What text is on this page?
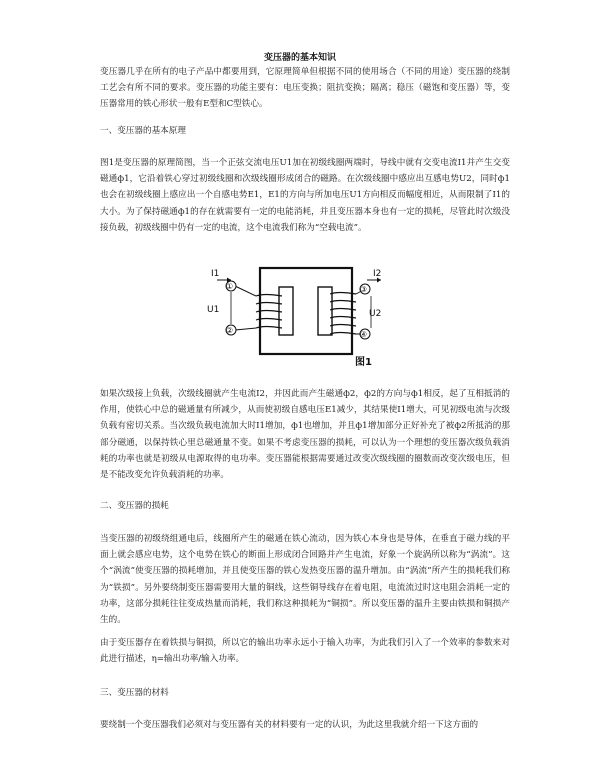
变压器的基本知识

变压器几乎在所有的电子产品中都要用到，它原理简单但根据不同的使用场合（不同的用途）变压器的绕制工艺会有所不同的要求。变压器的功能主要有：电压变换；阻抗变换；隔离；稳压（磁饱和变压器）等，变压器常用的铁心形状一般有E型和C型铁心。

一、变压器的基本原理

图1是变压器的原理简图，当一个正弦交流电压U1加在初级线圈两端时，导线中就有交变电流I1并产生交变磁通ф1，它沿着铁心穿过初级线圈和次级线圈形成闭合的磁路。在次级线圈中感应出互感电势U2，同时ф1也会在初级线圈上感应出一个自感电势E1，E1的方向与所加电压U1方向相反而幅度相近，从而限制了I1的大小。为了保持磁通ф1的存在就需要有一定的电能消耗，并且变压器本身也有一定的损耗，尽管此时次级没接负载，初级线圈中仍有一定的电流，这个电流我们称为“空载电流”。

I1	I2
U1	U2
①
②
③
④
图1

如果次级接上负载，次级线圈就产生电流I2，并因此而产生磁通ф2，ф2的方向与ф1相反，起了互相抵消的作用，使铁心中总的磁通量有所减少，从而使初级自感电压E1减少，其结果使I1增大，可见初级电流与次级负载有密切关系。当次级负载电流加大时I1增加，ф1也增加，并且ф1增加部分正好补充了被ф2所抵消的那部分磁通，以保持铁心里总磁通量不变。如果不考虑变压器的损耗，可以认为一个理想的变压器次级负载消耗的功率也就是初级从电源取得的电功率。变压器能根据需要通过改变次级线圈的圈数而改变次级电压，但是不能改变允许负载消耗的功率。

二、变压器的损耗

当变压器的初级绕组通电后，线圈所产生的磁通在铁心流动，因为铁心本身也是导体，在垂直于磁力线的平面上就会感应电势，这个电势在铁心的断面上形成闭合回路并产生电流，好象一个旋涡所以称为“涡流”。这个“涡流”使变压器的损耗增加，并且使变压器的铁心发热变压器的温升增加。由“涡流”所产生的损耗我们称为“铁损”。另外要绕制变压器需要用大量的铜线，这些铜导线存在着电阻，电流流过时这电阻会消耗一定的功率，这部分损耗往往变成热量而消耗，我们称这种损耗为“铜损”。所以变压器的温升主要由铁损和铜损产生的。

由于变压器存在着铁损与铜损，所以它的输出功率永远小于输入功率，为此我们引入了一个效率的参数来对此进行描述，η=输出功率/输入功率。

三、变压器的材料

要绕制一个变压器我们必须对与变压器有关的材料要有一定的认识，为此这里我就介绍一下这方面的
